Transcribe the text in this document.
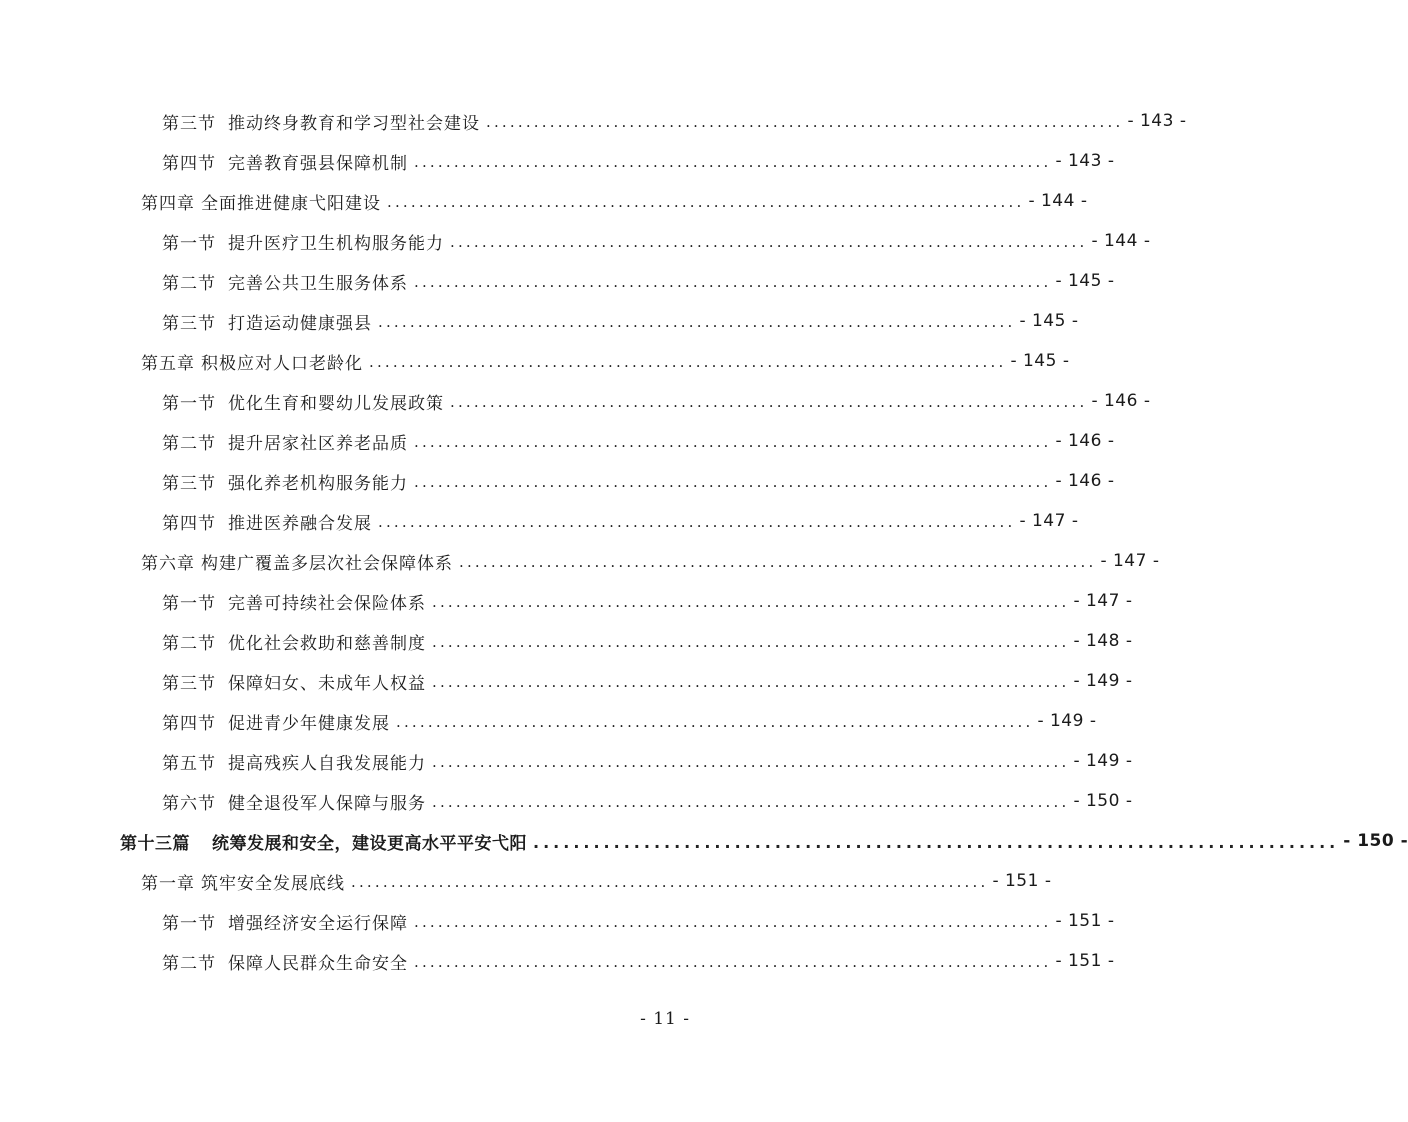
第三节 推动终身教育和学习型社会建设 ................................................................................ - 143 -
第四节 完善教育强县保障机制 ................................................................................ - 143 -
第四章 全面推进健康弋阳建设 ................................................................................ - 144 -
第一节 提升医疗卫生机构服务能力 ................................................................................ - 144 -
第二节 完善公共卫生服务体系 ................................................................................ - 145 -
第三节 打造运动健康强县 ................................................................................ - 145 -
第五章 积极应对人口老龄化 ................................................................................ - 145 -
第一节 优化生育和婴幼儿发展政策 ................................................................................ - 146 -
第二节 提升居家社区养老品质 ................................................................................ - 146 -
第三节 强化养老机构服务能力 ................................................................................ - 146 -
第四节 推进医养融合发展 ................................................................................ - 147 -
第六章 构建广覆盖多层次社会保障体系 ................................................................................ - 147 -
第一节 完善可持续社会保险体系 ................................................................................ - 147 -
第二节 优化社会救助和慈善制度 ................................................................................ - 148 -
第三节 保障妇女、未成年人权益 ................................................................................ - 149 -
第四节 促进青少年健康发展 ................................................................................ - 149 -
第五节 提高残疾人自我发展能力 ................................................................................ - 149 -
第六节 健全退役军人保障与服务 ................................................................................ - 150 -
第十三篇 统筹发展和安全，建设更高水平平安弋阳 ................................................................................ - 150 -
第一章 筑牢安全发展底线 ................................................................................ - 151 -
第一节 增强经济安全运行保障 ................................................................................ - 151 -
第二节 保障人民群众生命安全 ................................................................................ - 151 -
- 11 -
